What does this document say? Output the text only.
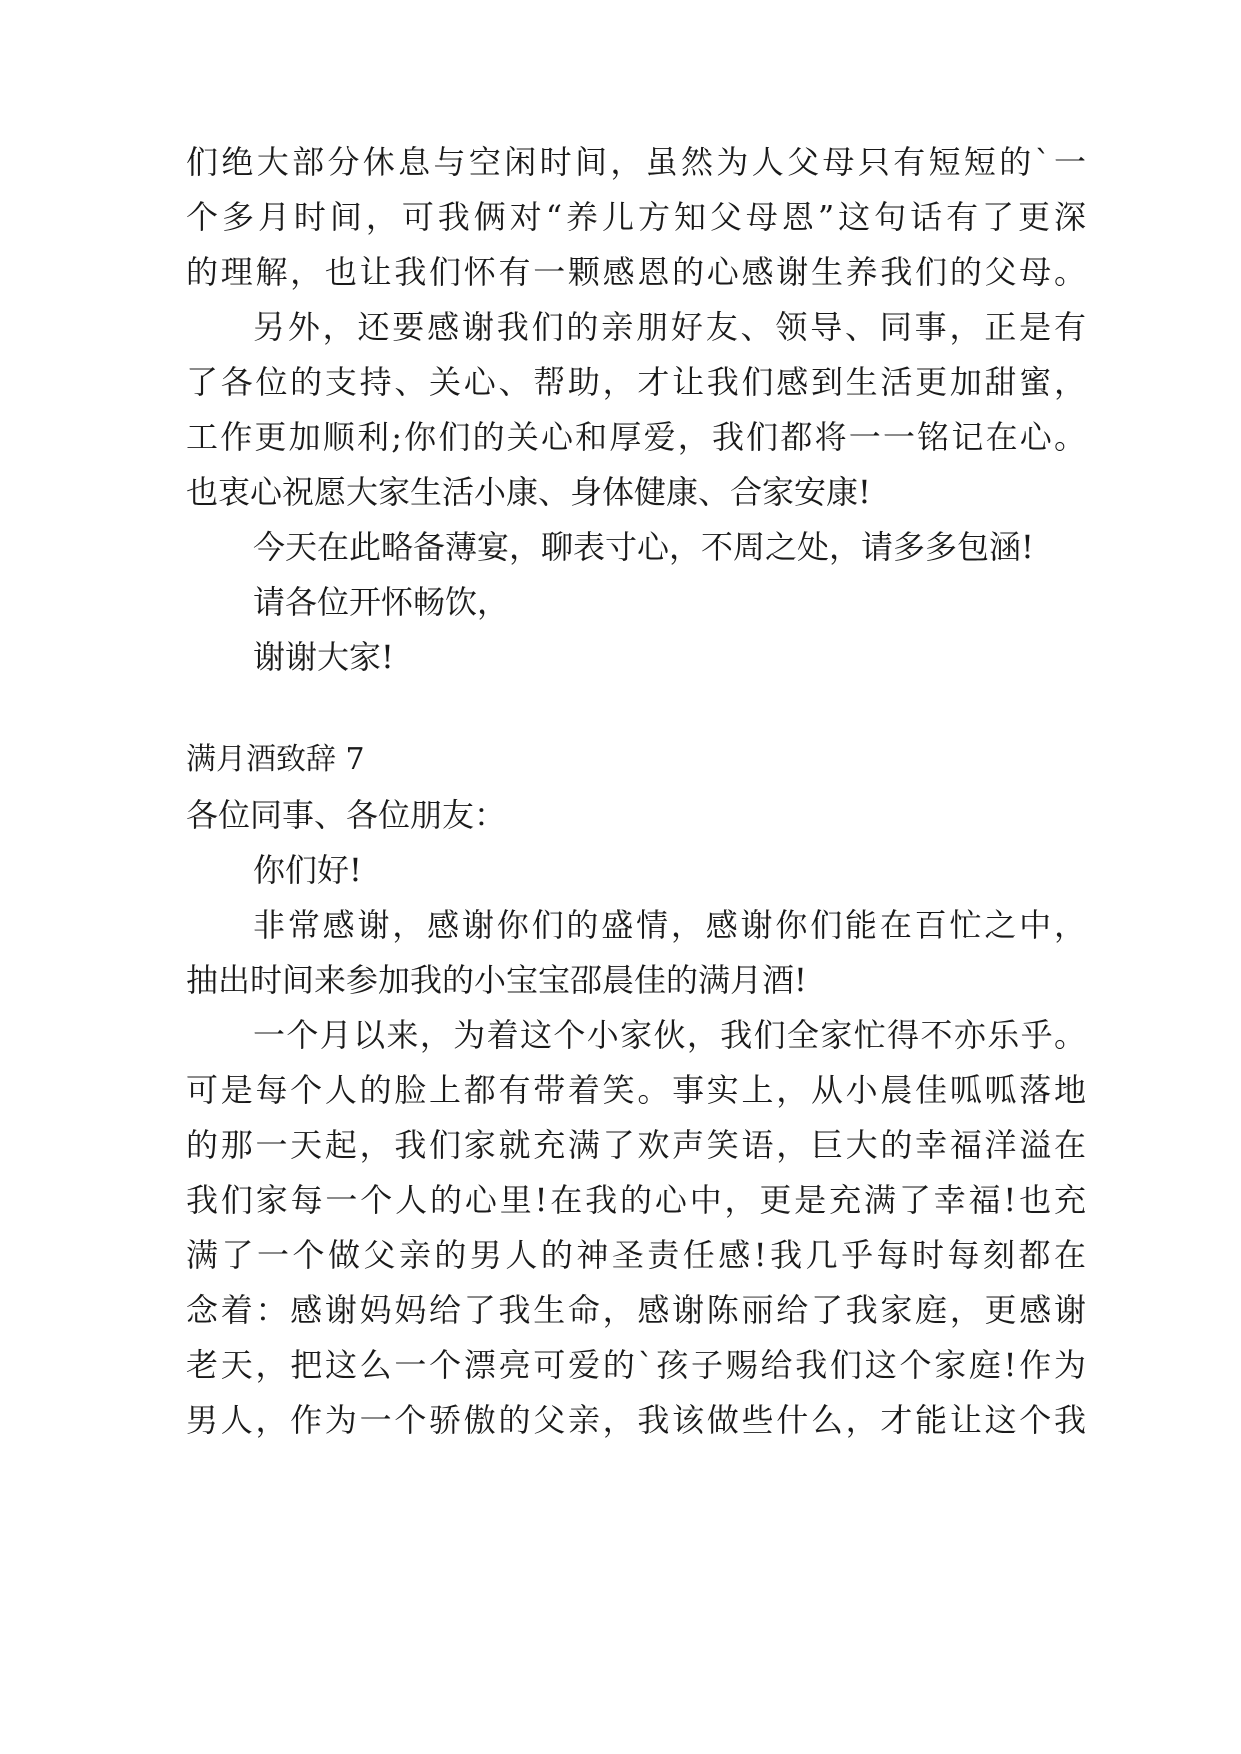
们绝大部分休息与空闲时间，虽然为人父母只有短短的`一
个多月时间，可我俩对“养儿方知父母恩”这句话有了更深
的理解，也让我们怀有一颗感恩的心感谢生养我们的父母。
另外，还要感谢我们的亲朋好友、领导、同事，正是有
了各位的支持、关心、帮助，才让我们感到生活更加甜蜜，
工作更加顺利;你们的关心和厚爱，我们都将一一铭记在心。
也衷心祝愿大家生活小康、身体健康、合家安康!
今天在此略备薄宴，聊表寸心，不周之处，请多多包涵!
请各位开怀畅饮，
谢谢大家!
满月酒致辞 7
各位同事、各位朋友：
你们好!
非常感谢，感谢你们的盛情，感谢你们能在百忙之中，
抽出时间来参加我的小宝宝邵晨佳的满月酒!
一个月以来，为着这个小家伙，我们全家忙得不亦乐乎。
可是每个人的脸上都有带着笑。事实上，从小晨佳呱呱落地
的那一天起，我们家就充满了欢声笑语，巨大的幸福洋溢在
我们家每一个人的心里!在我的心中，更是充满了幸福!也充
满了一个做父亲的男人的神圣责任感!我几乎每时每刻都在
念着：感谢妈妈给了我生命，感谢陈丽给了我家庭，更感谢
老天，把这么一个漂亮可爱的`孩子赐给我们这个家庭!作为
男人，作为一个骄傲的父亲，我该做些什么，才能让这个我
